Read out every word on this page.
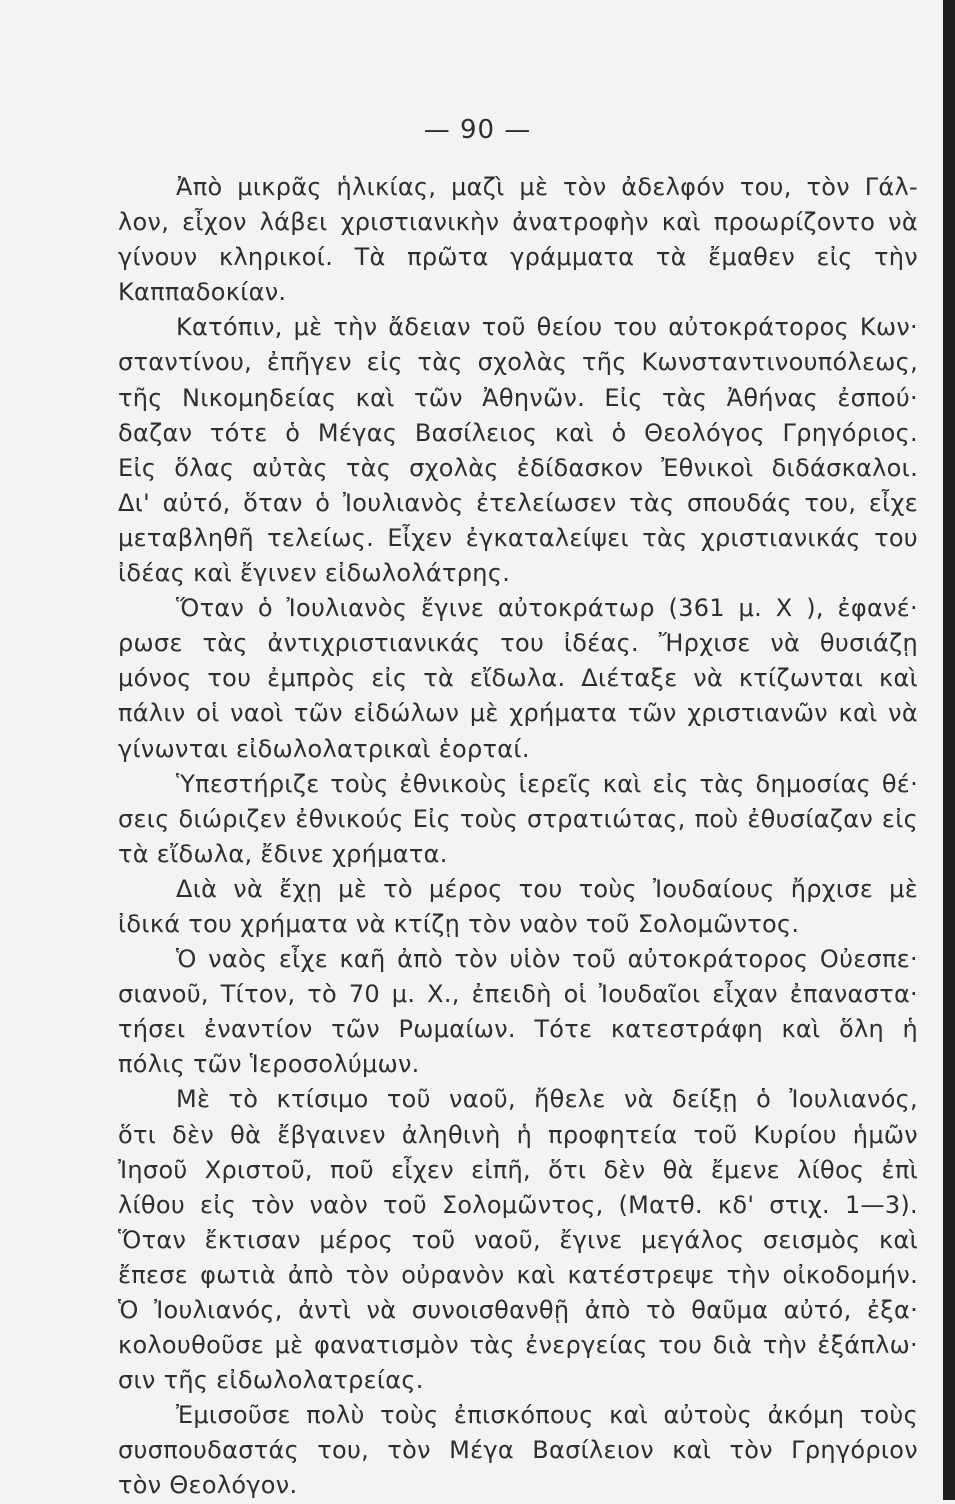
— 90 —
Ἀπὸ μικρᾶς ἡλικίας, μαζὶ μὲ τὸν ἀδελφόν του, τὸν Γάλ-
λον, εἶχον λάβει χριστιανικὴν ἀνατροφὴν καὶ προωρίζοντο νὰ
γίνουν κληρικοί. Τὰ πρῶτα γράμματα τὰ ἔμαθεν εἰς τὴν
Καππαδοκίαν.
Κατόπιν, μὲ τὴν ἄδειαν τοῦ θείου του αὐτοκράτορος Κων·
σταντίνου, ἐπῆγεν εἰς τὰς σχολὰς τῆς Κωνσταντινουπόλεως,
τῆς Νικομηδείας καὶ τῶν Ἀθηνῶν. Εἰς τὰς Ἀθήνας ἐσπού·
δαζαν τότε ὁ Μέγας Βασίλειος καὶ ὁ Θεολόγος Γρηγόριος.
Εἰς ὅλας αὐτὰς τὰς σχολὰς ἐδίδασκον Ἐθνικοὶ διδάσκαλοι.
Δι' αὐτό, ὅταν ὁ Ἰουλιανὸς ἐτελείωσεν τὰς σπουδάς του, εἶχε
μεταβληθῆ τελείως. Εἶχεν ἐγκαταλείψει τὰς χριστιανικάς του
ἰδέας καὶ ἔγινεν εἰδωλολάτρης.
Ὅταν ὁ Ἰουλιανὸς ἔγινε αὐτοκράτωρ (361 μ. Χ ), ἐφανέ·
ρωσε τὰς ἀντιχριστιανικάς του ἰδέας. Ἤρχισε νὰ θυσιάζῃ
μόνος του ἐμπρὸς εἰς τὰ εἴδωλα. Διέταξε νὰ κτίζωνται καὶ
πάλιν οἱ ναοὶ τῶν εἰδώλων μὲ χρήματα τῶν χριστιανῶν καὶ νὰ
γίνωνται εἰδωλολατρικαὶ ἑορταί.
Ὑπεστήριζε τοὺς ἐθνικοὺς ἱερεῖς καὶ εἰς τὰς δημοσίας θέ·
σεις διώριζεν ἐθνικούς Εἰς τοὺς στρατιώτας, ποὺ ἐθυσίαζαν εἰς
τὰ εἴδωλα, ἔδινε χρήματα.
Διὰ νὰ ἔχῃ μὲ τὸ μέρος του τοὺς Ἰουδαίους ἤρχισε μὲ
ἰδικά του χρήματα νὰ κτίζῃ τὸν ναὸν τοῦ Σολομῶντος.
Ὁ ναὸς εἶχε καῆ ἀπὸ τὸν υἱὸν τοῦ αὐτοκράτορος Οὐεσπε·
σιανοῦ, Τίτον, τὸ 70 μ. Χ., ἐπειδὴ οἱ Ἰουδαῖοι εἶχαν ἐπαναστα·
τήσει ἐναντίον τῶν Ρωμαίων. Τότε κατεστράφη καὶ ὅλη ἡ
πόλις τῶν Ἱεροσολύμων.
Μὲ τὸ κτίσιμο τοῦ ναοῦ, ἤθελε νὰ δείξῃ ὁ Ἰουλιανός,
ὅτι δὲν θὰ ἔβγαινεν ἀληθινὴ ἡ προφητεία τοῦ Κυρίου ἡμῶν
Ἰησοῦ Χριστοῦ, ποῦ εἶχεν εἰπῆ, ὅτι δὲν θὰ ἔμενε λίθος ἐπὶ
λίθου εἰς τὸν ναὸν τοῦ Σολομῶντος, (Ματθ. κδ' στιχ. 1—3).
Ὅταν ἔκτισαν μέρος τοῦ ναοῦ, ἔγινε μεγάλος σεισμὸς καὶ
ἔπεσε φωτιὰ ἀπὸ τὸν οὐρανὸν καὶ κατέστρεψε τὴν οἰκοδομήν.
Ὁ Ἰουλιανός, ἀντὶ νὰ συνοισθανθῇ ἀπὸ τὸ θαῦμα αὐτό, ἐξα·
κολουθοῦσε μὲ φανατισμὸν τὰς ἐνεργείας του διὰ τὴν ἐξάπλω·
σιν τῆς εἰδωλολατρείας.
Ἐμισοῦσε πολὺ τοὺς ἐπισκόπους καὶ αὐτοὺς ἀκόμη τοὺς
συσπουδαστάς του, τὸν Μέγα Βασίλειον καὶ τὸν Γρηγόριον
τὸν Θεολόγον.
